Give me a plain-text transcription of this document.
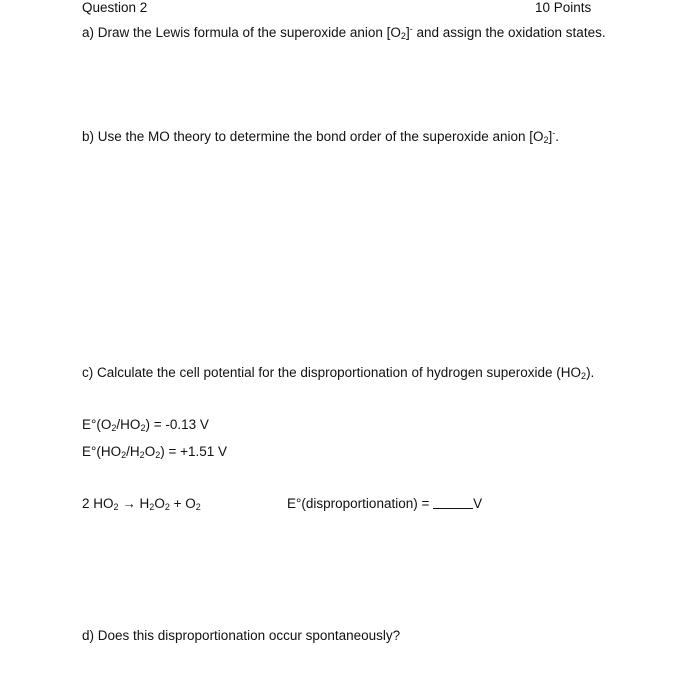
Question 2	10 Points
a) Draw the Lewis formula of the superoxide anion $[O_2]^-$ and assign the oxidation states.
b) Use the MO theory to determine the bond order of the superoxide anion $[O_2]^-$.
c) Calculate the cell potential for the disproportionation of hydrogen superoxide $(HO_2)$.
$E^\circ(O_2/HO_2) = -0.13$ V
$E^\circ(HO_2/H_2O_2) = +1.51$ V
2 $HO_2 \to H_2O_2 + O_2$	E°(disproportionation) =	V
d) Does this disproportionation occur spontaneously?
